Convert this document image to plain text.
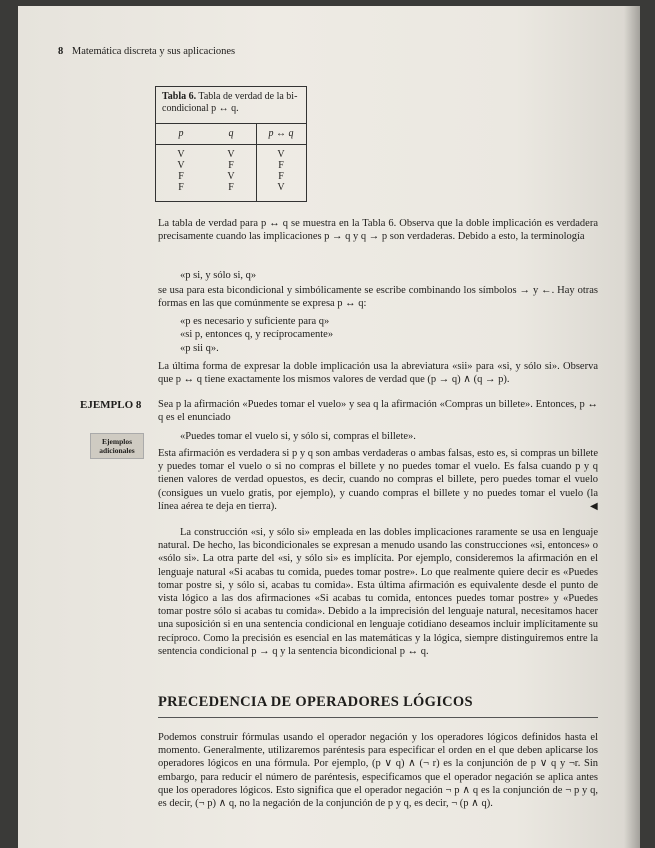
8 Matemática discreta y sus aplicaciones
Tabla 6. Tabla de verdad de la bi-condicional p ↔ q.
p	q	p ↔ q
V	V	V
V	F	F
F	V	F
F	F	V
La tabla de verdad para p ↔ q se muestra en la Tabla 6. Observa que la doble implicación es verdadera precisamente cuando las implicaciones p → q y q → p son verdaderas. Debido a esto, la terminología
«p si, y sólo si, q»
se usa para esta bicondicional y simbólicamente se escribe combinando los símbolos → y ←. Hay otras formas en las que comúnmente se expresa p ↔ q:
«p es necesario y suficiente para q»
«si p, entonces q, y recíprocamente»
«p sii q».
La última forma de expresar la doble implicación usa la abreviatura «sii» para «si, y sólo si». Observa que p ↔ q tiene exactamente los mismos valores de verdad que (p → q) ∧ (q → p).
EJEMPLO 8
Ejemplos adicionales
Sea p la afirmación «Puedes tomar el vuelo» y sea q la afirmación «Compras un billete». Entonces, p ↔ q es el enunciado
«Puedes tomar el vuelo si, y sólo si, compras el billete».
Esta afirmación es verdadera si p y q son ambas verdaderas o ambas falsas, esto es, si compras un billete y puedes tomar el vuelo o si no compras el billete y no puedes tomar el vuelo. Es falsa cuando p y q tienen valores de verdad opuestos, es decir, cuando no compras el billete, pero puedes tomar el vuelo (consigues un vuelo gratis, por ejemplo), y cuando compras el billete y no puedes tomar el vuelo (la línea aérea te deja en tierra).	◀
La construcción «si, y sólo si» empleada en las dobles implicaciones raramente se usa en lenguaje natural. De hecho, las bicondicionales se expresan a menudo usando las construcciones «si, entonces» o «sólo si». La otra parte del «si, y sólo si» es implícita. Por ejemplo, consideremos la afirmación en el lenguaje natural «Si acabas tu comida, puedes tomar postre». Lo que realmente quiere decir es «Puedes tomar postre si, y sólo si, acabas tu comida». Esta última afirmación es equivalente desde el punto de vista lógico a las dos afirmaciones «Si acabas tu comida, entonces puedes tomar postre» y «Puedes tomar postre sólo si acabas tu comida». Debido a la imprecisión del lenguaje natural, necesitamos hacer una suposición si en una sentencia condicional en lenguaje cotidiano deseamos incluir implícitamente su recíproco. Como la precisión es esencial en las matemáticas y la lógica, siempre distinguiremos entre la sentencia condicional p → q y la sentencia bicondicional p ↔ q.
PRECEDENCIA DE OPERADORES LÓGICOS
Podemos construir fórmulas usando el operador negación y los operadores lógicos definidos hasta el momento. Generalmente, utilizaremos paréntesis para especificar el orden en el que deben aplicarse los operadores lógicos en una fórmula. Por ejemplo, (p ∨ q) ∧ (¬ r) es la conjunción de p ∨ q y ¬r. Sin embargo, para reducir el número de paréntesis, especificamos que el operador negación se aplica antes que los operadores lógicos. Esto significa que el operador negación ¬ p ∧ q es la conjunción de ¬ p y q, es decir, (¬ p) ∧ q, no la negación de la conjunción de p y q, es decir, ¬ (p ∧ q).
